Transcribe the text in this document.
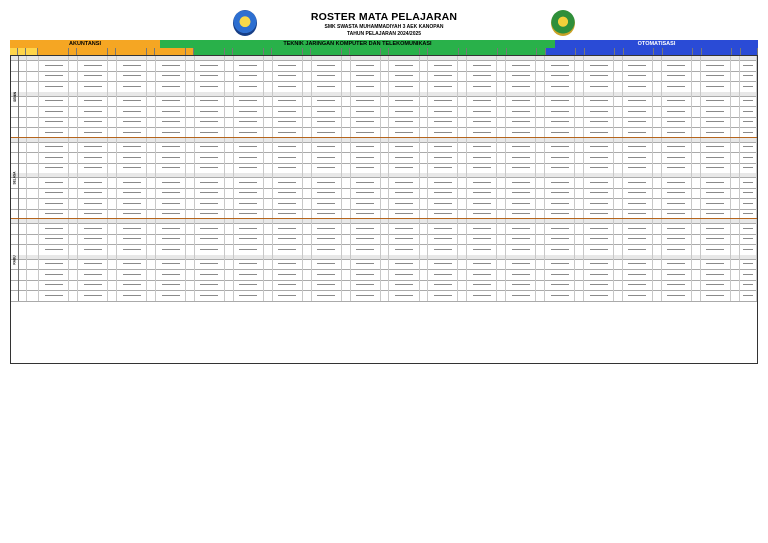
ROSTER MATA PELAJARAN
SMK SWASTA MUHAMMADIYAH 3 AEK KANOPAN
TAHUN PELAJARAN 2024/2025
AKUNTANSI	TEKNIK JARINGAN KOMPUTER DAN TELEKOMUNIKASI	OTOMATISASI
SENIN
SELASA
RABU
